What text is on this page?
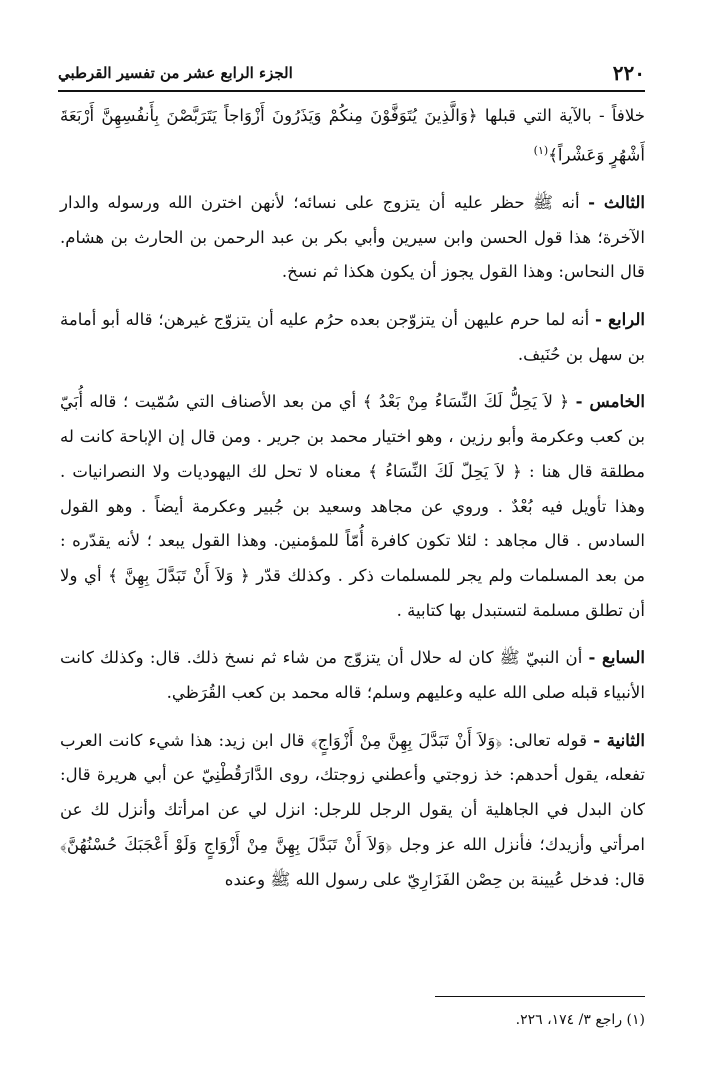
٢٢٠
الجزء الرابع عشر من تفسير القرطبي

خلافاً - بالآية التي قبلها ﴿وَالَّذِينَ يُتَوَفَّوْنَ مِنكُمْ وَيَذَرُونَ أَزْوَاجاً يَتَرَبَّصْنَ بِأَنفُسِهِنَّ أَرْبَعَةَ أَشْهُرٍ وَعَشْراً﴾$^{(١)}$

الثالث - أنه ﷺ حظر عليه أن يتزوج على نسائه؛ لأنهن اخترن الله ورسوله والدار الآخرة؛ هذا قول الحسن وابن سيرين وأبي بكر بن عبد الرحمن بن الحارث بن هشام. قال النحاس: وهذا القول يجوز أن يكون هكذا ثم نسخ.

الرابع - أنه لما حرم عليهن أن يتزوّجن بعده حرُم عليه أن يتزوّج غيرهن؛ قاله أبو أمامة بن سهل بن حُنَيف.

الخامس - ﴿ لاَ يَحِلُّ لَكَ النِّسَاءُ مِنْ بَعْدُ ﴾ أي من بعد الأصناف التي سُمّيت ؛ قاله أُبَيّ بن كعب وعكرمة وأبو رزين ، وهو اختيار محمد بن جرير . ومن قال إن الإباحة كانت له مطلقة قال هنا : ﴿ لاَ يَحِلّ لَكَ النِّسَاءُ ﴾ معناه لا تحل لك اليهوديات ولا النصرانيات . وهذا تأويل فيه بُعْدٌ . وروي عن مجاهد وسعيد بن جُبير وعكرمة أيضاً . وهو القول السادس . قال مجاهد : لئلا تكون كافرة أُمّاً للمؤمنين. وهذا القول يبعد ؛ لأنه يقدّره : من بعد المسلمات ولم يجر للمسلمات ذكر . وكذلك قدّر ﴿ وَلاَ أَنْ تَبَدَّلَ بِهِنَّ ﴾ أي ولا أن تطلق مسلمة لتستبدل بها كتابية .

السابع - أن النبيّ ﷺ كان له حلال أن يتزوّج من شاء ثم نسخ ذلك. قال: وكذلك كانت الأنبياء قبله صلى الله عليه وعليهم وسلم؛ قاله محمد بن كعب القُرَظي.

الثانية - قوله تعالى: ﴿وَلاَ أَنْ تَبَدَّلَ بِهِنَّ مِنْ أَزْوَاجٍ﴾ قال ابن زيد: هذا شيء كانت العرب تفعله، يقول أحدهم: خذ زوجتي وأعطني زوجتك، روى الدَّارَقُطْنِيّ عن أبي هريرة قال: كان البدل في الجاهلية أن يقول الرجل للرجل: انزل لي عن امرأتك وأنزل لك عن امرأتي وأزيدك؛ فأنزل الله عز وجل ﴿وَلاَ أَنْ تَبَدَّلَ بِهِنَّ مِنْ أَزْوَاجٍ وَلَوْ أَعْجَبَكَ حُسْنُهُنَّ﴾ قال: فدخل عُيينة بن حِصْن الفَزَارِيّ على رسول الله ﷺ وعنده

(١) راجع ٣/ ١٧٤، ٢٢٦.
